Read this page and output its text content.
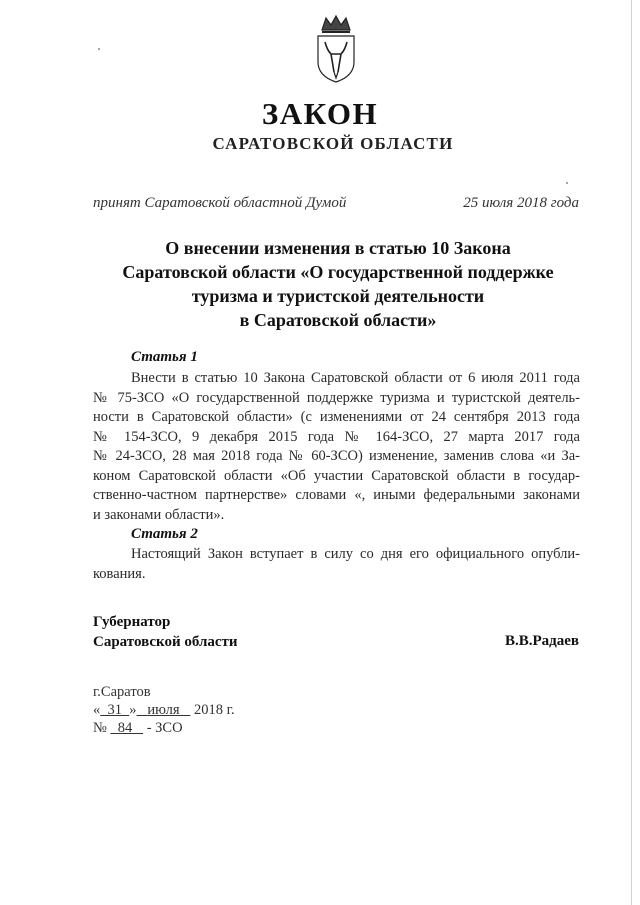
ЗАКОН
САРАТОВСКОЙ ОБЛАСТИ
принят Саратовской областной Думой	25 июля 2018 года
О внесении изменения в статью 10 Закона
Саратовской области «О государственной поддержке
туризма и туристской деятельности
в Саратовской области»
Статья 1
Внести в статью 10 Закона Саратовской области от 6 июля 2011 года
№ 75-ЗСО «О государственной поддержке туризма и туристской деятель-
ности в Саратовской области» (с изменениями от 24 сентября 2013 года
№ 154-ЗСО, 9 декабря 2015 года № 164-ЗСО, 27 марта 2017 года
№ 24-ЗСО, 28 мая 2018 года № 60-ЗСО) изменение, заменив слова «и За-
коном Саратовской области «Об участии Саратовской области в государ-
ственно-частном партнерстве» словами «, иными федеральными законами
и законами области».
Статья 2
Настоящий Закон вступает в силу со дня его официального опубли-
кования.
Губернатор
Саратовской области	В.В.Радаев
г.Саратов
« 31 » июля 2018 г.
№ 84 - ЗСО
